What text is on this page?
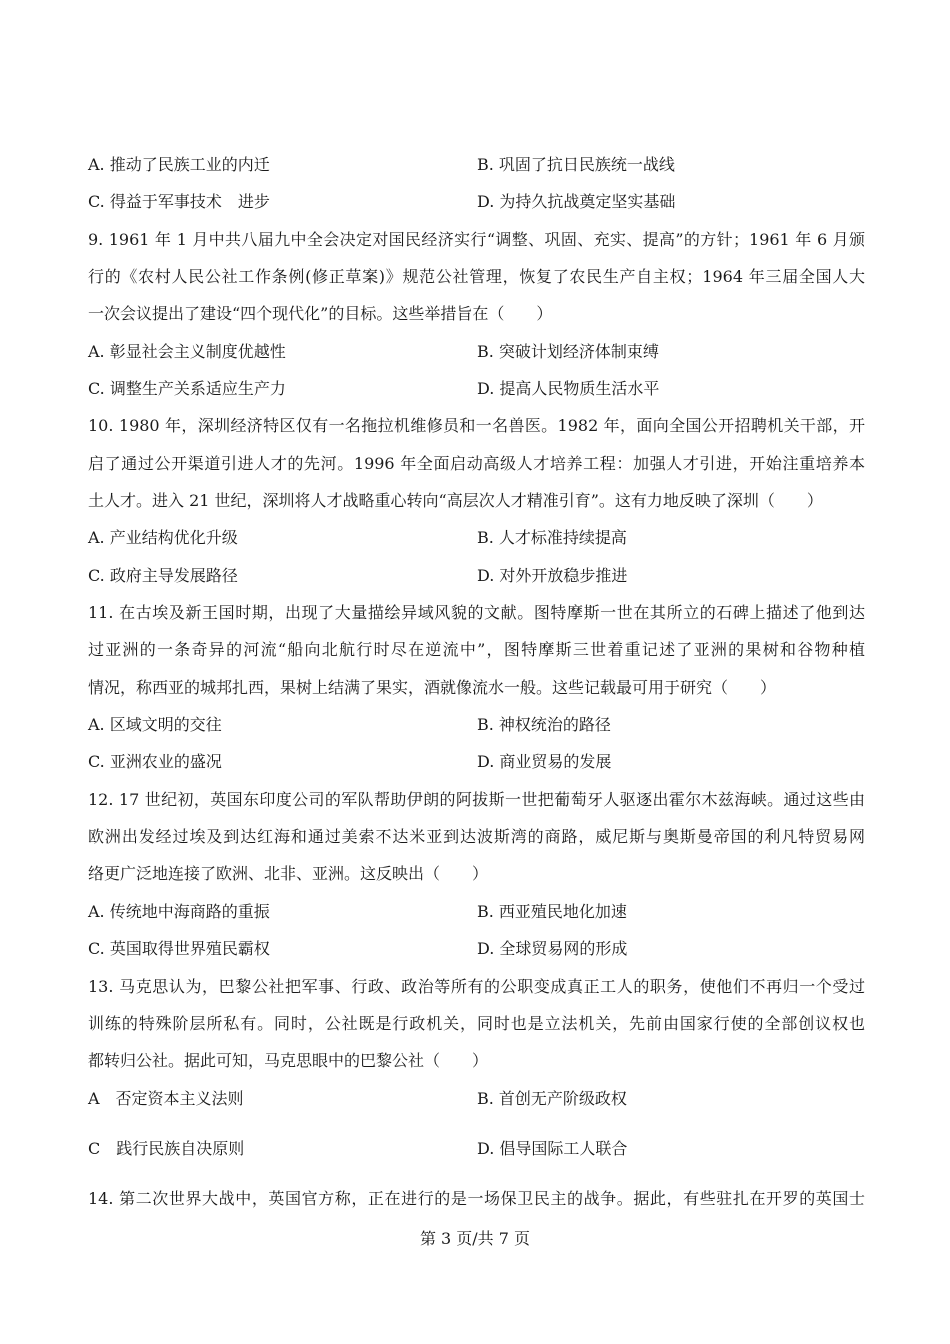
A. 推动了民族工业的内迁	B. 巩固了抗日民族统一战线
C. 得益于军事技术　进步	D. 为持久抗战奠定坚实基础
9. 1961 年 1 月中共八届九中全会决定对国民经济实行“调整、巩固、充实、提高”的方针；1961 年 6 月颁
行的《农村人民公社工作条例(修正草案)》规范公社管理，恢复了农民生产自主权；1964 年三届全国人大
一次会议提出了建设“四个现代化”的目标。这些举措旨在（　　）
A. 彰显社会主义制度优越性	B. 突破计划经济体制束缚
C. 调整生产关系适应生产力	D. 提高人民物质生活水平
10. 1980 年，深圳经济特区仅有一名拖拉机维修员和一名兽医。1982 年，面向全国公开招聘机关干部，开
启了通过公开渠道引进人才的先河。1996 年全面启动高级人才培养工程：加强人才引进，开始注重培养本
土人才。进入 21 世纪，深圳将人才战略重心转向“高层次人才精准引育”。这有力地反映了深圳（　　）
A. 产业结构优化升级	B. 人才标准持续提高
C. 政府主导发展路径	D. 对外开放稳步推进
11. 在古埃及新王国时期，出现了大量描绘异域风貌的文献。图特摩斯一世在其所立的石碑上描述了他到达
过亚洲的一条奇异的河流“船向北航行时尽在逆流中”，图特摩斯三世着重记述了亚洲的果树和谷物种植
情况，称西亚的城邦扎西，果树上结满了果实，酒就像流水一般。这些记载最可用于研究（　　）
A. 区域文明的交往	B. 神权统治的路径
C. 亚洲农业的盛况	D. 商业贸易的发展
12. 17 世纪初，英国东印度公司的军队帮助伊朗的阿拔斯一世把葡萄牙人驱逐出霍尔木兹海峡。通过这些由
欧洲出发经过埃及到达红海和通过美索不达米亚到达波斯湾的商路，威尼斯与奥斯曼帝国的利凡特贸易网
络更广泛地连接了欧洲、北非、亚洲。这反映出（　　）
A. 传统地中海商路的重振	B. 西亚殖民地化加速
C. 英国取得世界殖民霸权	D. 全球贸易网的形成
13. 马克思认为，巴黎公社把军事、行政、政治等所有的公职变成真正工人的职务，使他们不再归一个受过
训练的特殊阶层所私有。同时，公社既是行政机关，同时也是立法机关，先前由国家行使的全部创议权也
都转归公社。据此可知，马克思眼中的巴黎公社（　　）
A　否定资本主义法则	B. 首创无产阶级政权
C　践行民族自决原则	D. 倡导国际工人联合
14. 第二次世界大战中，英国官方称，正在进行的是一场保卫民主的战争。据此，有些驻扎在开罗的英国士
第 3 页/共 7 页
